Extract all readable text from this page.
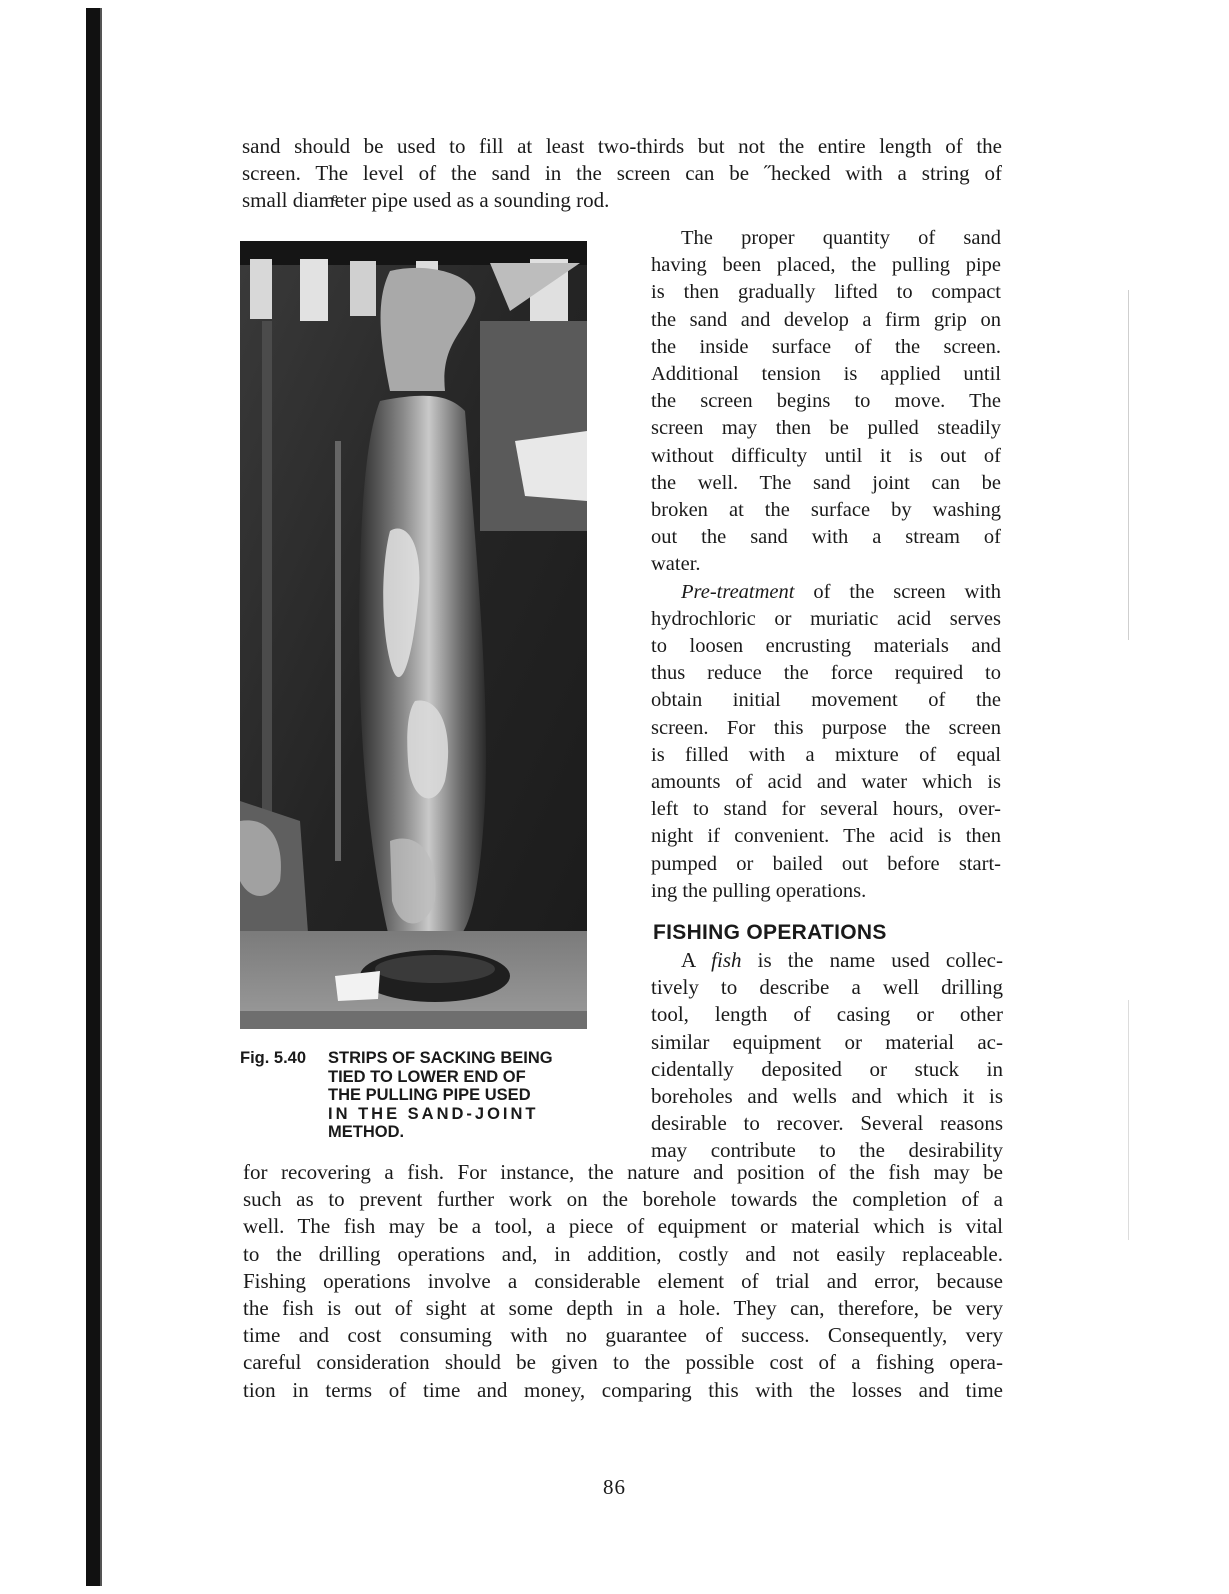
sand should be used to fill at least two-thirds but not the entire length of the
screen. The level of the sand in the screen can be ˝hecked with a string of
small diamͤeter pipe used as a sounding rod.
Fig. 5.40 STRIPS OF SACKING BEING
TIED TO LOWER END OF
THE PULLING PIPE USED
IN THE SAND-JOINT
METHOD.
The proper quantity of sand
having been placed, the pulling pipe
is then gradually lifted to compact
the sand and develop a firm grip on
the inside surface of the screen.
Additional tension is applied until
the screen begins to move. The
screen may then be pulled steadily
without difficulty until it is out of
the well. The sand joint can be
broken at the surface by washing
out the sand with a stream of
water.
Pre-treatment of the screen with
hydrochloric or muriatic acid serves
to loosen encrusting materials and
thus reduce the force required to
obtain initial movement of the
screen. For this purpose the screen
is filled with a mixture of equal
amounts of acid and water which is
left to stand for several hours, over-
night if convenient. The acid is then
pumped or bailed out before start-
ing the pulling operations.
FISHING OPERATIONS
A fish is the name used collec-
tively to describe a well drilling
tool, length of casing or other
similar equipment or material ac-
cidentally deposited or stuck in
boreholes and wells and which it is
desirable to recover. Several reasons
may contribute to the desirability
for recovering a fish. For instance, the nature and position of the fish may be
such as to prevent further work on the borehole towards the completion of a
well. The fish may be a tool, a piece of equipment or material which is vital
to the drilling operations and, in addition, costly and not easily replaceable.
Fishing operations involve a considerable element of trial and error, because
the fish is out of sight at some depth in a hole. They can, therefore, be very
time and cost consuming with no guarantee of success. Consequently, very
careful consideration should be given to the possible cost of a fishing opera-
tion in terms of time and money, comparing this with the losses and time
86
